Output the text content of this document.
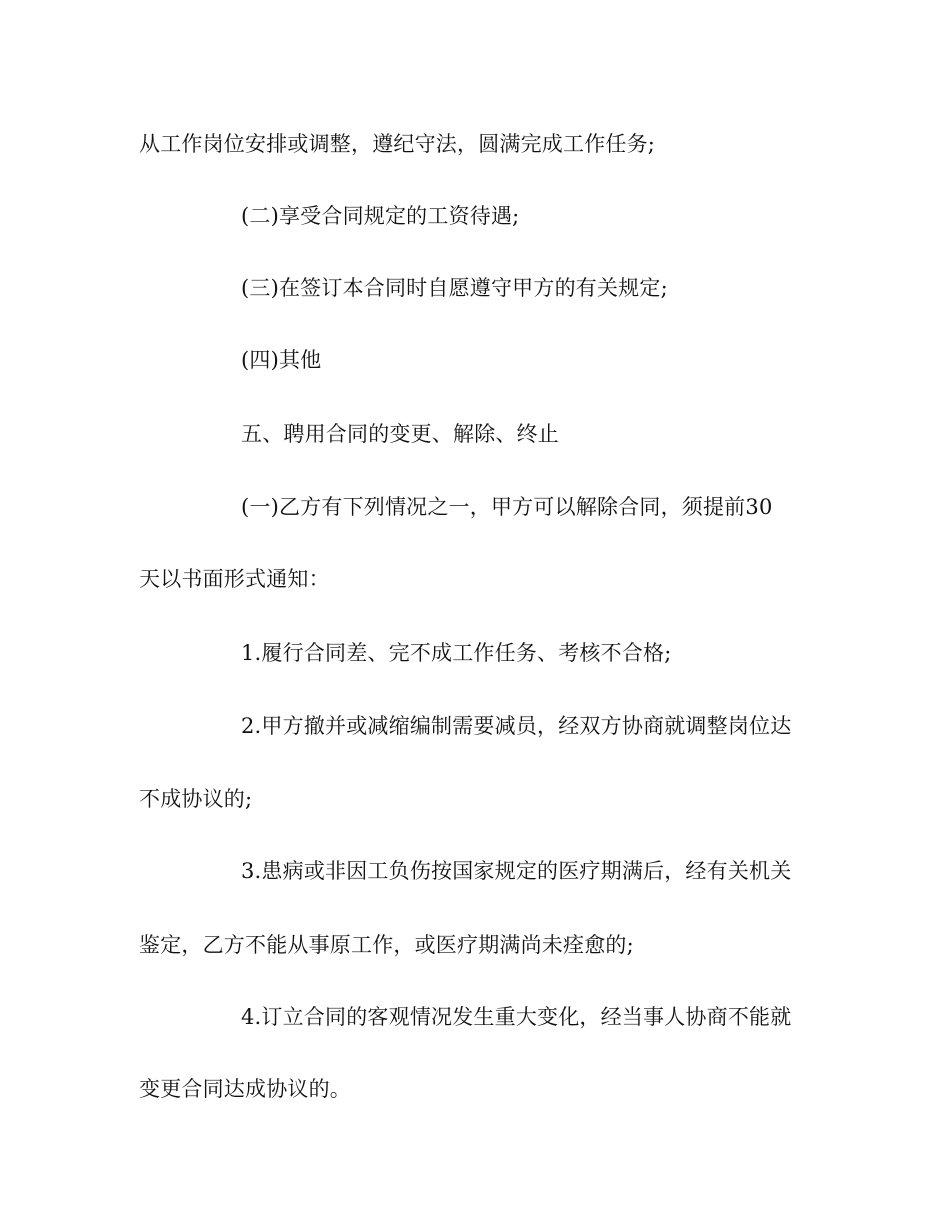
从工作岗位安排或调整，遵纪守法，圆满完成工作任务;
(二)享受合同规定的工资待遇;
(三)在签订本合同时自愿遵守甲方的有关规定;
(四)其他
五、聘用合同的变更、解除、终止
(一)乙方有下列情况之一，甲方可以解除合同，须提前30
天以书面形式通知：
1.履行合同差、完不成工作任务、考核不合格;
2.甲方撤并或减缩编制需要减员，经双方协商就调整岗位达
不成协议的;
3.患病或非因工负伤按国家规定的医疗期满后，经有关机关
鉴定，乙方不能从事原工作，或医疗期满尚未痊愈的;
4.订立合同的客观情况发生重大变化，经当事人协商不能就
变更合同达成协议的。
